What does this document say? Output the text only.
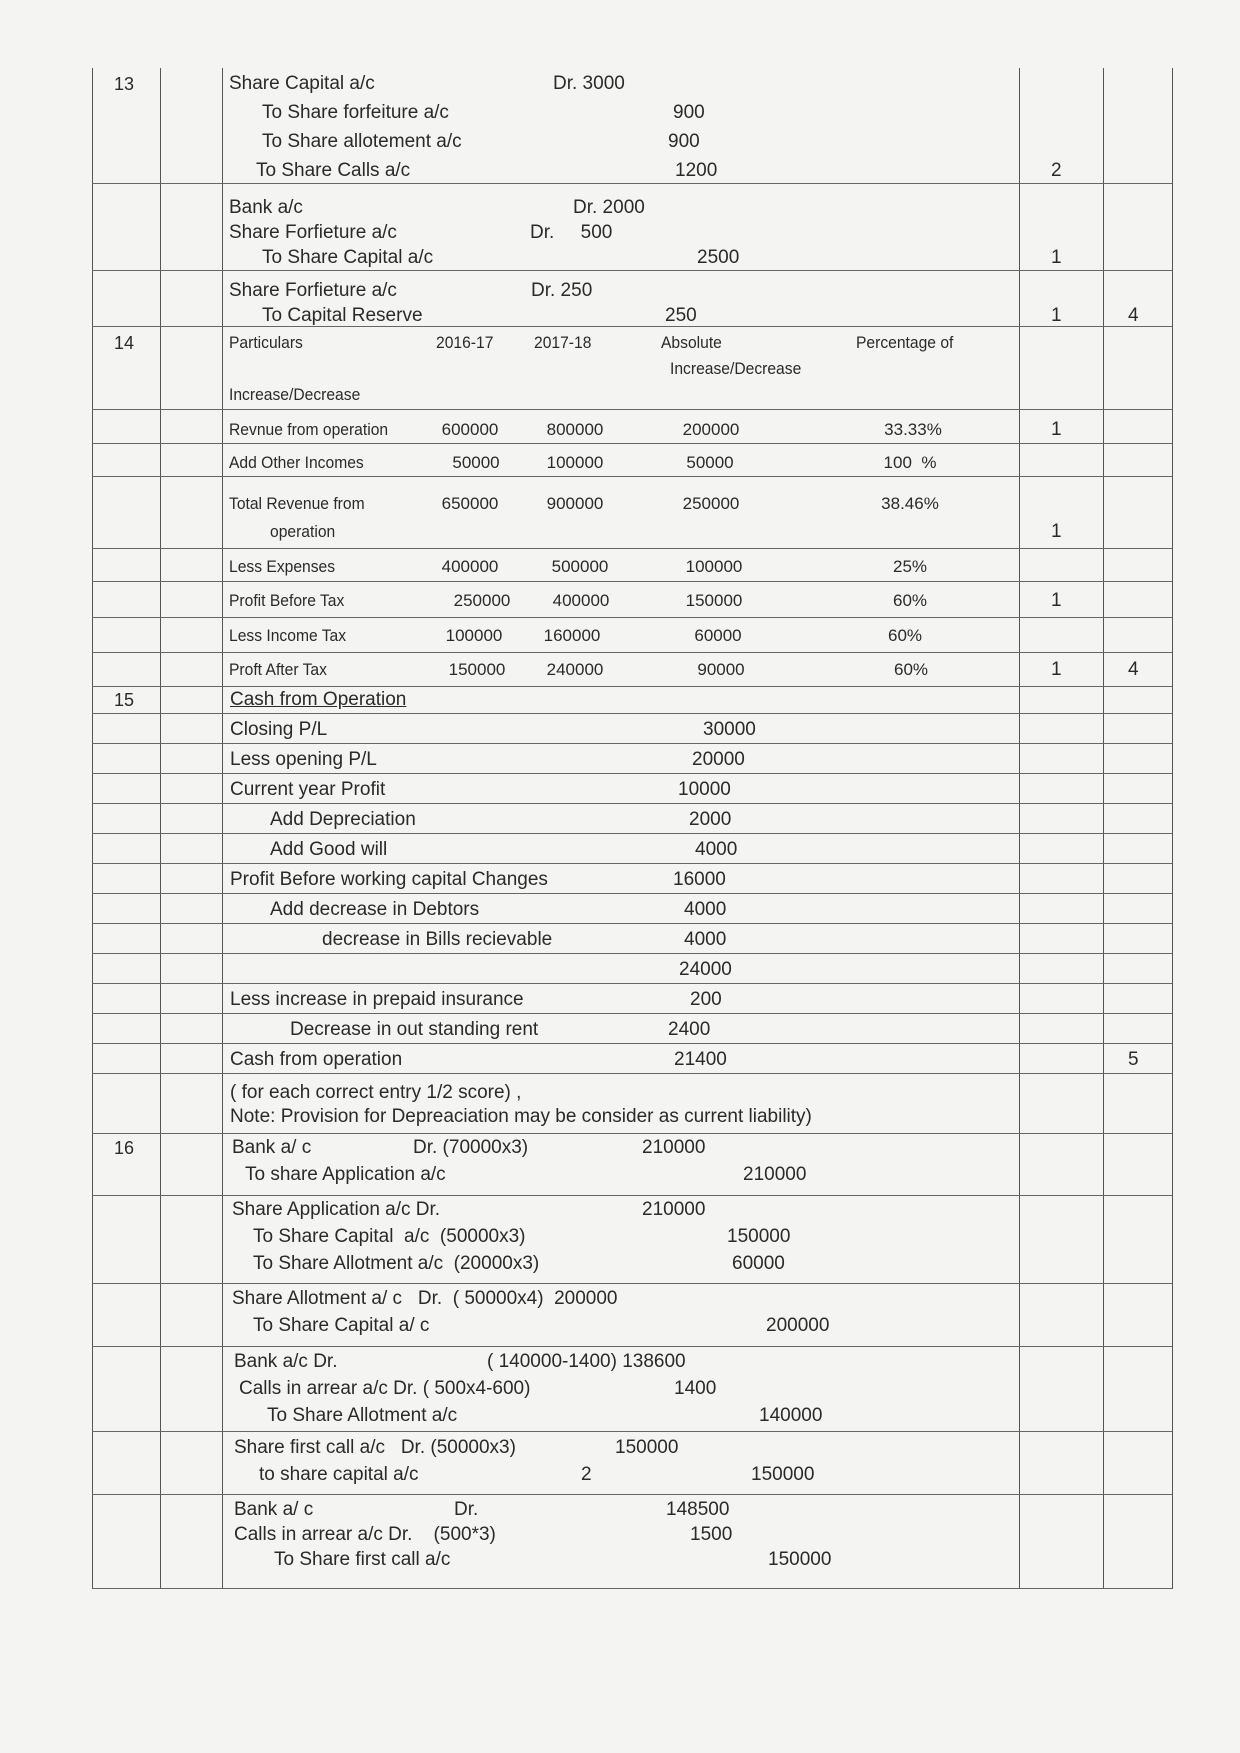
13	Share Capital a/c	Dr. 3000
To Share forfeiture a/c	900
To Share allotement a/c	900
To Share Calls a/c	1200	2
Bank a/c	Dr. 2000
Share Forfieture a/c	Dr.     500
To Share Capital a/c	2500	1
Share Forfieture a/c	Dr. 250
To Capital Reserve	250	1	4
14	Particulars	2016-17 2017-18	Absolute	Percentage of
Increase/Decrease
Increase/Decrease
Revnue from operation	600000	800000	200000	33.33%	1
Add Other Incomes	50000	100000	50000	100  %
Total Revenue from	650000	900000	250000	38.46%
operation	1
Less Expenses	400000	500000	100000	25%
Profit Before Tax	250000 400000	150000	60%	1
Less Income Tax	100000 160000	60000	60%
Proft After Tax	150000 240000	90000	60%	1	4
15	Cash from Operation
Closing P/L	30000
Less opening P/L	20000
Current year Profit	10000
Add Depreciation	2000
Add Good will	4000
Profit Before working capital Changes	16000
Add decrease in Debtors	4000
decrease in Bills recievable	4000
24000
Less increase in prepaid insurance	200
Decrease in out standing rent	2400
Cash from operation	21400	5
( for each correct entry 1/2 score) ,
Note: Provision for Depreaciation may be consider as current liability)
16	Bank a/ c	Dr. (70000x3)	210000
To share Application a/c	210000
Share Application a/c Dr.	210000
To Share Capital  a/c  (50000x3)	150000
To Share Allotment a/c  (20000x3)	60000
Share Allotment a/ c   Dr.  ( 50000x4)  200000
To Share Capital a/ c	200000
Bank a/c Dr.	( 140000-1400) 138600
Calls in arrear a/c Dr. ( 500x4-600)	1400
To Share Allotment a/c	140000
Share first call a/c   Dr. (50000x3)	150000
to share capital a/c	2	150000
Bank a/ c	Dr.	148500
Calls in arrear a/c Dr.    (500*3)	1500
To Share first call a/c	150000
